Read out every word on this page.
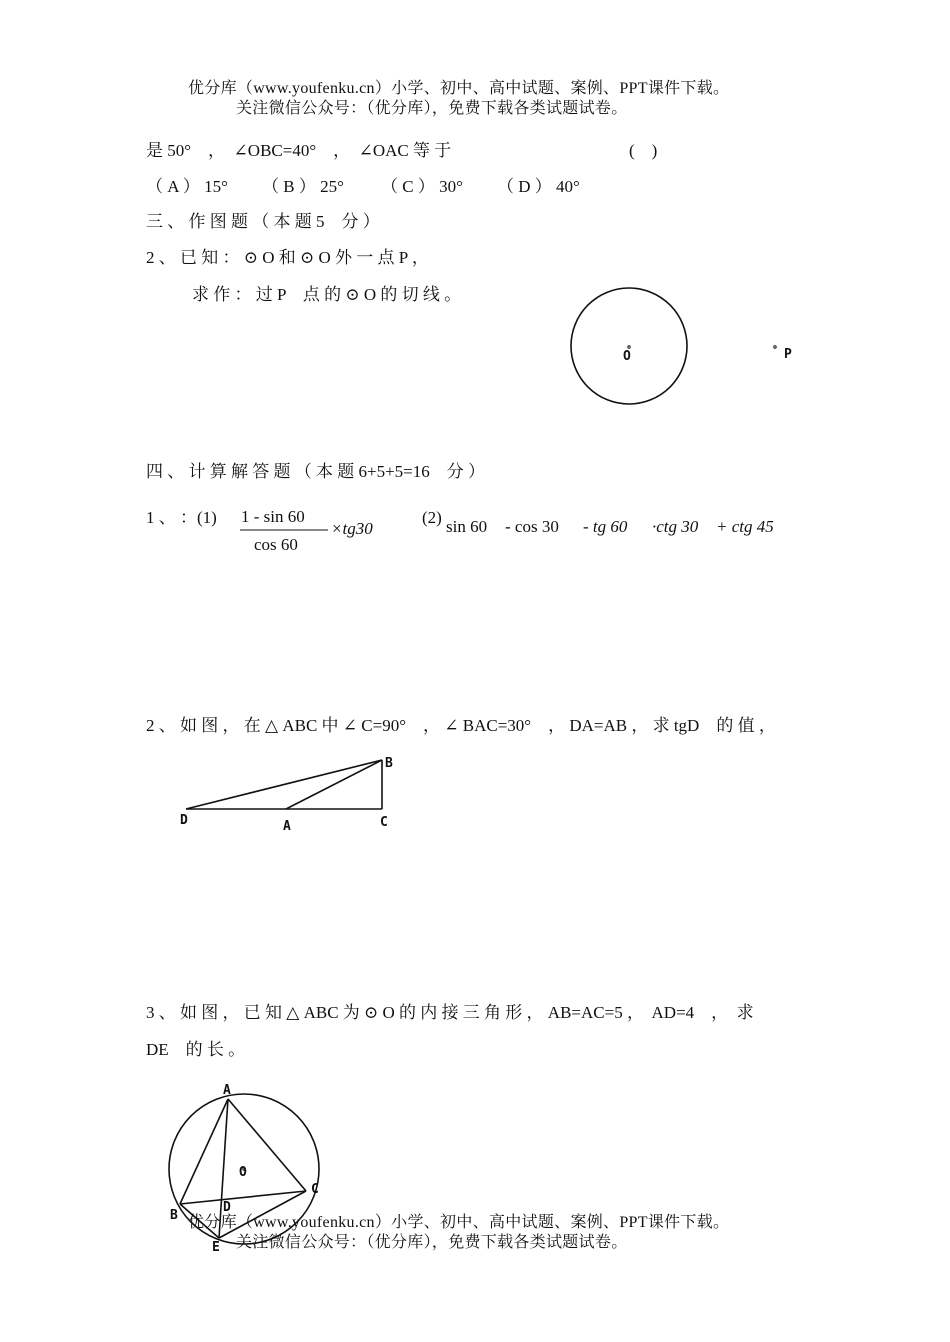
优分库（www.youfenku.cn）小学、初中、高中试题、案例、PPT课件下载。
关注微信公众号：（优分库），免费下载各类试题试卷。
是 50°　，　∠OBC=40°　，　∠OAC 等 于	(　)
（ A ） 15° （ B ） 25° （ C ） 30° （ D ） 40°
三 、 作 图 题 （ 本 题 5　分 ）
2 、 已 知 ： ⊙ O 和 ⊙ O 外 一 点 P ，
求 作 ： 过 P　点 的 ⊙ O 的 切 线 。
O	P
四 、 计 算 解 答 题 （ 本 题 6+5+5=16　分 ）
1 、 ：(1) 1 - sin 60
cos 60
×tg30
(2) sin 60 - cos 30 - tg 60 ·ctg 30 + ctg 45
2 、 如 图 ， 在 △ ABC 中 ∠ C=90°　， ∠ BAC=30°　， DA=AB ， 求 tgD　的 值 ，
D	A	C
B
3 、 如 图 ， 已 知 △ ABC 为 ⊙ O 的 内 接 三 角 形 ， AB=AC=5 ，  AD=4　，  求
DE　的 长 。
A
B
C
D
E
O
优分库（www.youfenku.cn）小学、初中、高中试题、案例、PPT课件下载。
关注微信公众号：（优分库），免费下载各类试题试卷。
